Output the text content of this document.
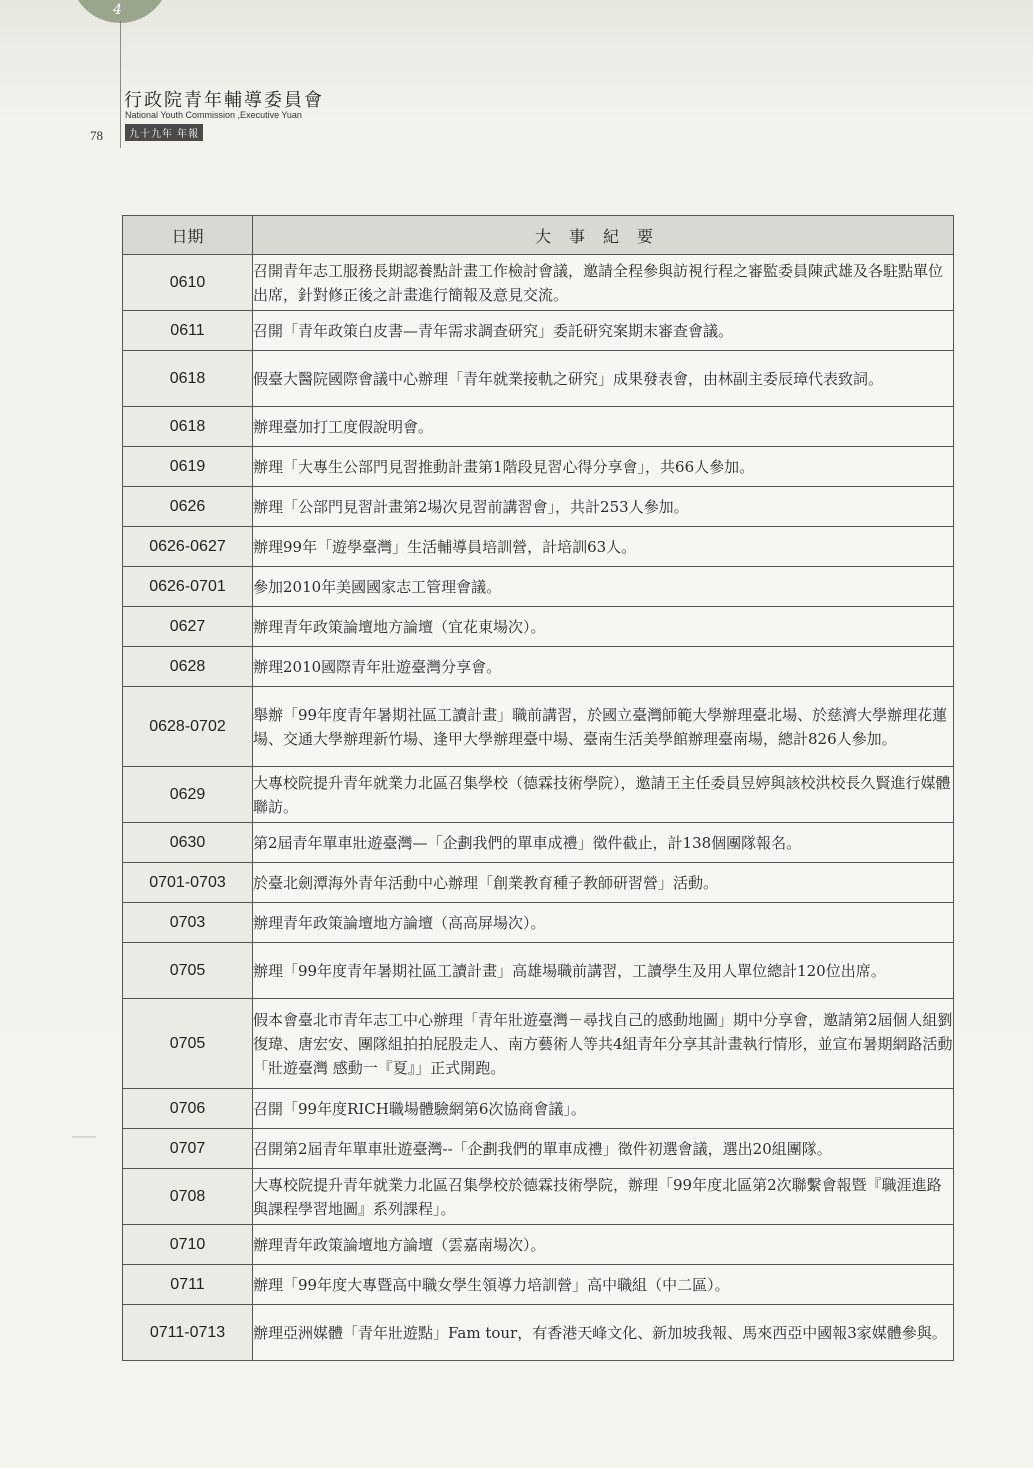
4
行政院青年輔導委員會
National Youth Commission ,Executive Yuan
九十九年 年報
78
日期	大事紀要
0610	召開青年志工服務長期認養點計畫工作檢討會議，邀請全程參與訪視行程之審監委員陳武雄及各駐點單位出席，針對修正後之計畫進行簡報及意見交流。
0611	召開「青年政策白皮書—青年需求調查研究」委託研究案期末審查會議。
0618	假臺大醫院國際會議中心辦理「青年就業接軌之研究」成果發表會，由林副主委辰璋代表致詞。
0618	辦理臺加打工度假說明會。
0619	辦理「大專生公部門見習推動計畫第1階段見習心得分享會」，共66人參加。
0626	辦理「公部門見習計畫第2場次見習前講習會」，共計253人參加。
0626-0627	辦理99年「遊學臺灣」生活輔導員培訓營，計培訓63人。
0626-0701	參加2010年美國國家志工管理會議。
0627	辦理青年政策論壇地方論壇（宜花東場次）。
0628	辦理2010國際青年壯遊臺灣分享會。
0628-0702	舉辦「99年度青年暑期社區工讀計畫」職前講習，於國立臺灣師範大學辦理臺北場、於慈濟大學辦理花蓮場、交通大學辦理新竹場、逢甲大學辦理臺中場、臺南生活美學館辦理臺南場，總計826人參加。
0629	大專校院提升青年就業力北區召集學校（德霖技術學院），邀請王主任委員昱婷與該校洪校長久賢進行媒體聯訪。
0630	第2屆青年單車壯遊臺灣—「企劃我們的單車成禮」徵件截止，計138個團隊報名。
0701-0703	於臺北劍潭海外青年活動中心辦理「創業教育種子教師研習營」活動。
0703	辦理青年政策論壇地方論壇（高高屏場次）。
0705	辦理「99年度青年暑期社區工讀計畫」高雄場職前講習，工讀學生及用人單位總計120位出席。
0705	假本會臺北市青年志工中心辦理「青年壯遊臺灣－尋找自己的感動地圖」期中分享會，邀請第2屆個人組劉復瑋、唐宏安、團隊組拍拍屁股走人、南方藝術人等共4組青年分享其計畫執行情形，並宣布暑期網路活動「壯遊臺灣 感動一『夏』」正式開跑。
0706	召開「99年度RICH職場體驗網第6次協商會議」。
0707	召開第2屆青年單車壯遊臺灣--「企劃我們的單車成禮」徵件初選會議，選出20組團隊。
0708	大專校院提升青年就業力北區召集學校於德霖技術學院，辦理「99年度北區第2次聯繫會報暨『職涯進路與課程學習地圖』系列課程」。
0710	辦理青年政策論壇地方論壇（雲嘉南場次）。
0711	辦理「99年度大專暨高中職女學生領導力培訓營」高中職組（中二區）。
0711-0713	辦理亞洲媒體「青年壯遊點」Fam tour，有香港天峰文化、新加坡我報、馬來西亞中國報3家媒體參與。
